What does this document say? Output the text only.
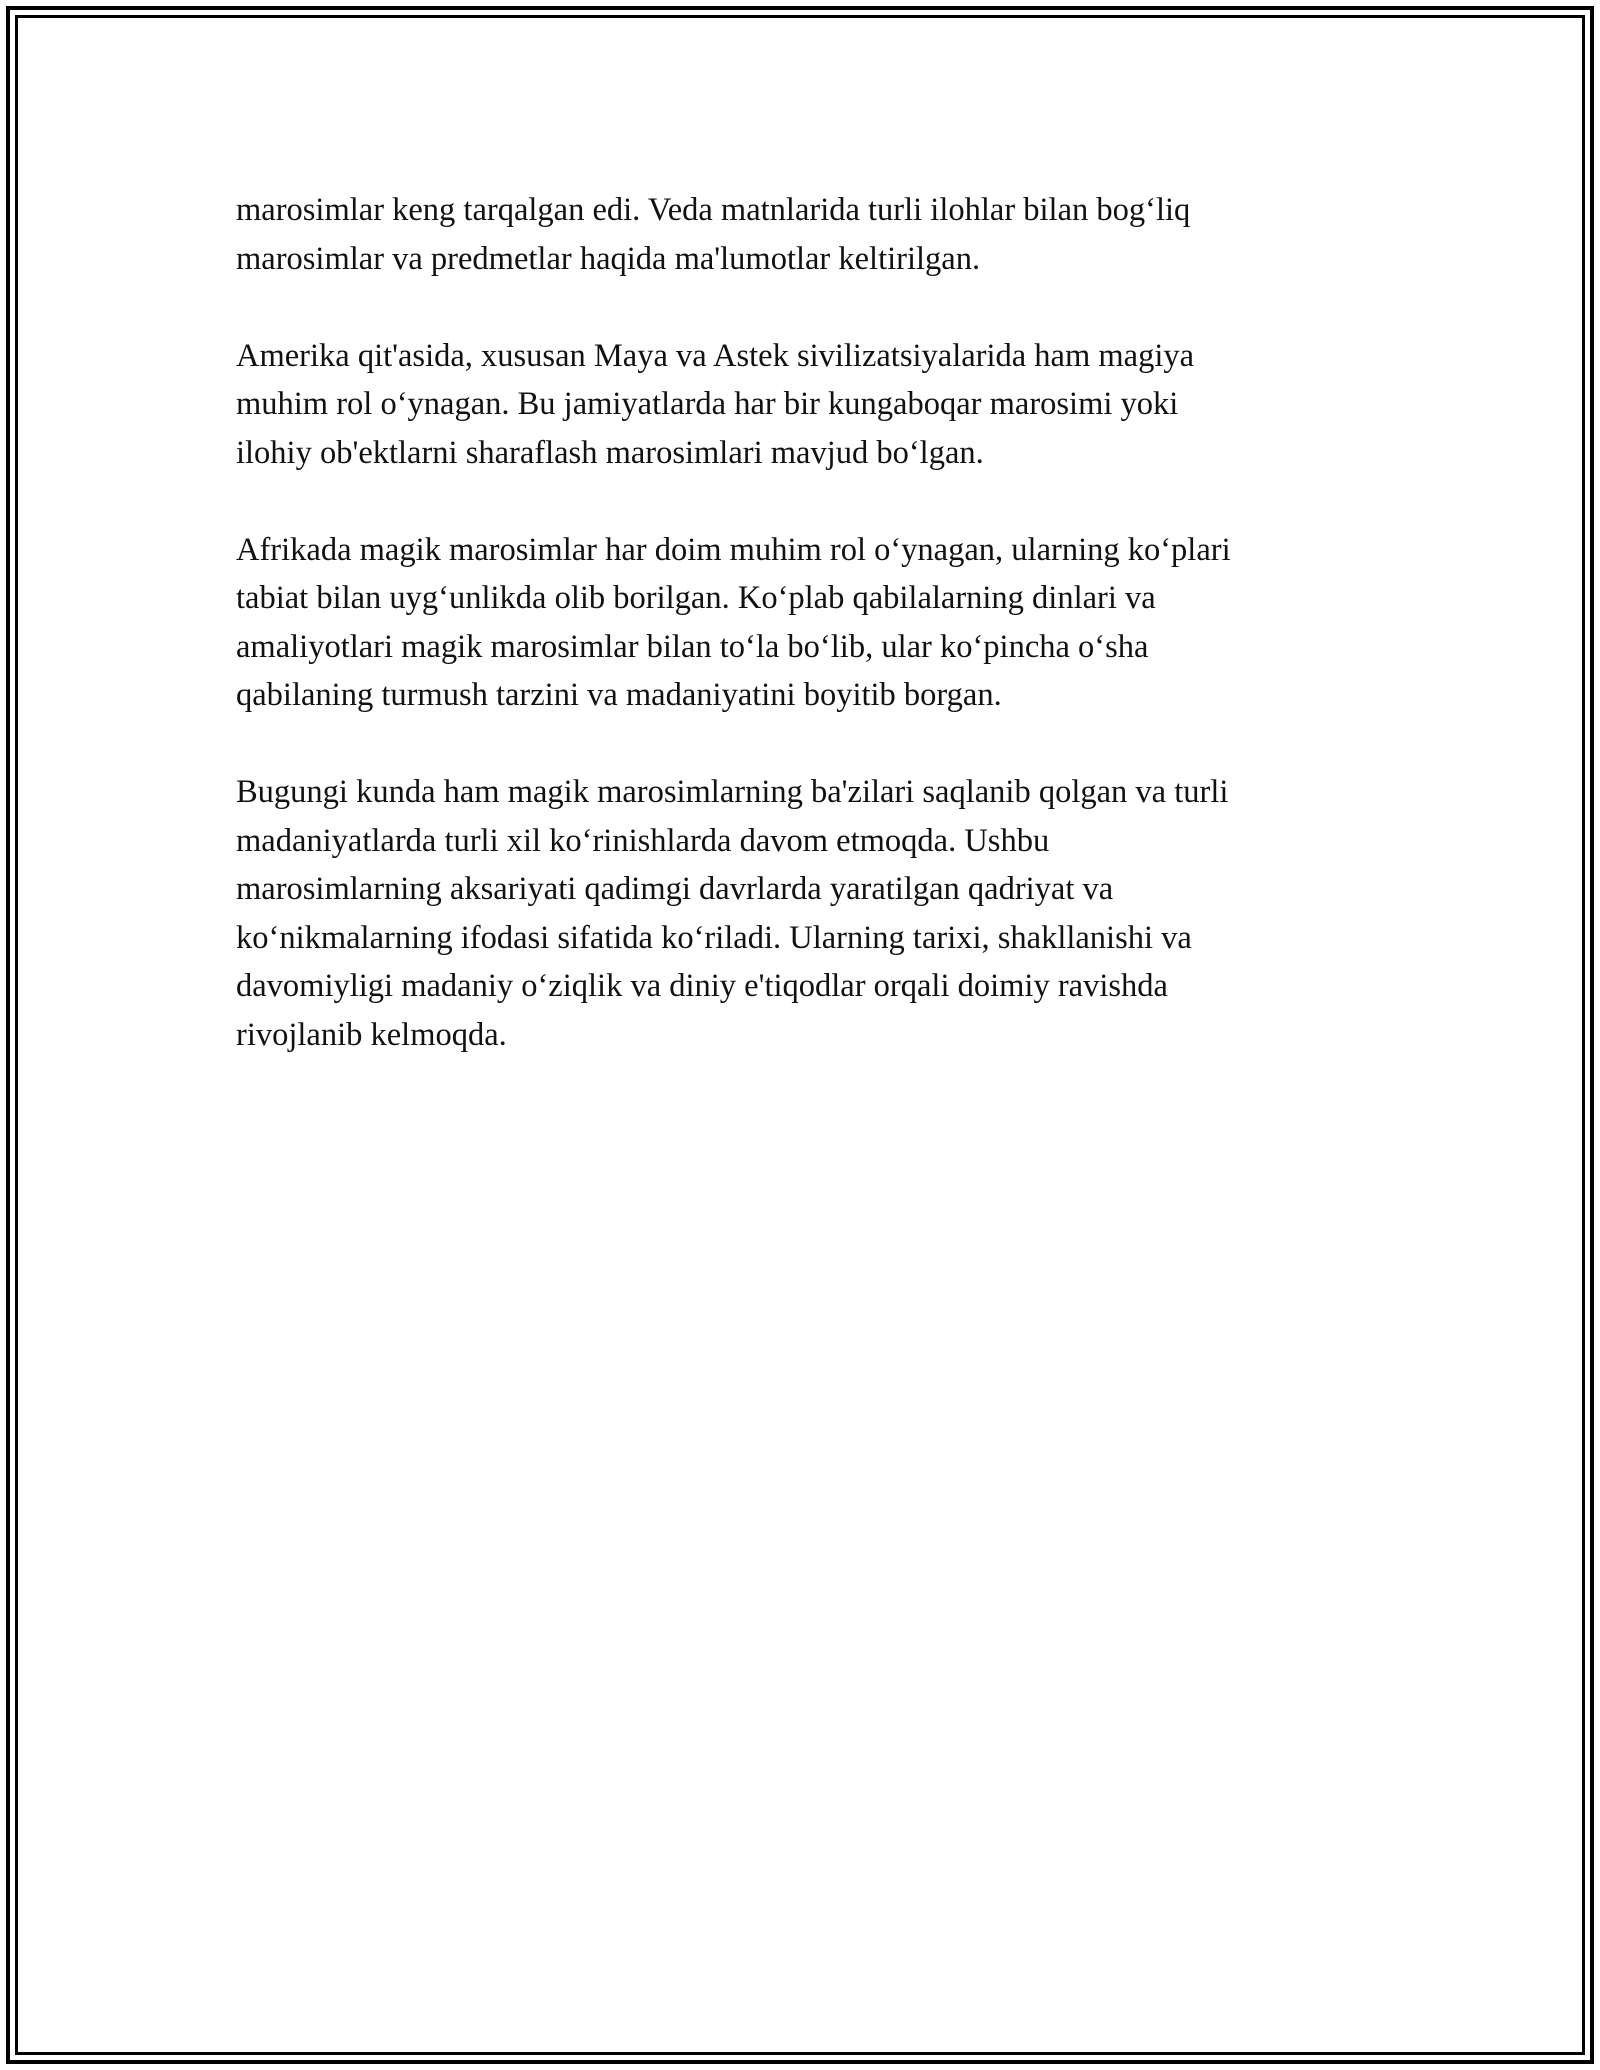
marosimlar keng tarqalgan edi. Veda matnlarida turli ilohlar bilan bog‘liq
marosimlar va predmetlar haqida ma'lumotlar keltirilgan.

Amerika qit'asida, xususan Maya va Astek sivilizatsiyalarida ham magiya
muhim rol o‘ynagan. Bu jamiyatlarda har bir kungaboqar marosimi yoki
ilohiy ob'ektlarni sharaflash marosimlari mavjud bo‘lgan.

Afrikada magik marosimlar har doim muhim rol o‘ynagan, ularning ko‘plari
tabiat bilan uyg‘unlikda olib borilgan. Ko‘plab qabilalarning dinlari va
amaliyotlari magik marosimlar bilan to‘la bo‘lib, ular ko‘pincha o‘sha
qabilaning turmush tarzini va madaniyatini boyitib borgan.

Bugungi kunda ham magik marosimlarning ba'zilari saqlanib qolgan va turli
madaniyatlarda turli xil ko‘rinishlarda davom etmoqda. Ushbu
marosimlarning aksariyati qadimgi davrlarda yaratilgan qadriyat va
ko‘nikmalarning ifodasi sifatida ko‘riladi. Ularning tarixi, shakllanishi va
davomiyligi madaniy o‘ziqlik va diniy e'tiqodlar orqali doimiy ravishda
rivojlanib kelmoqda.
